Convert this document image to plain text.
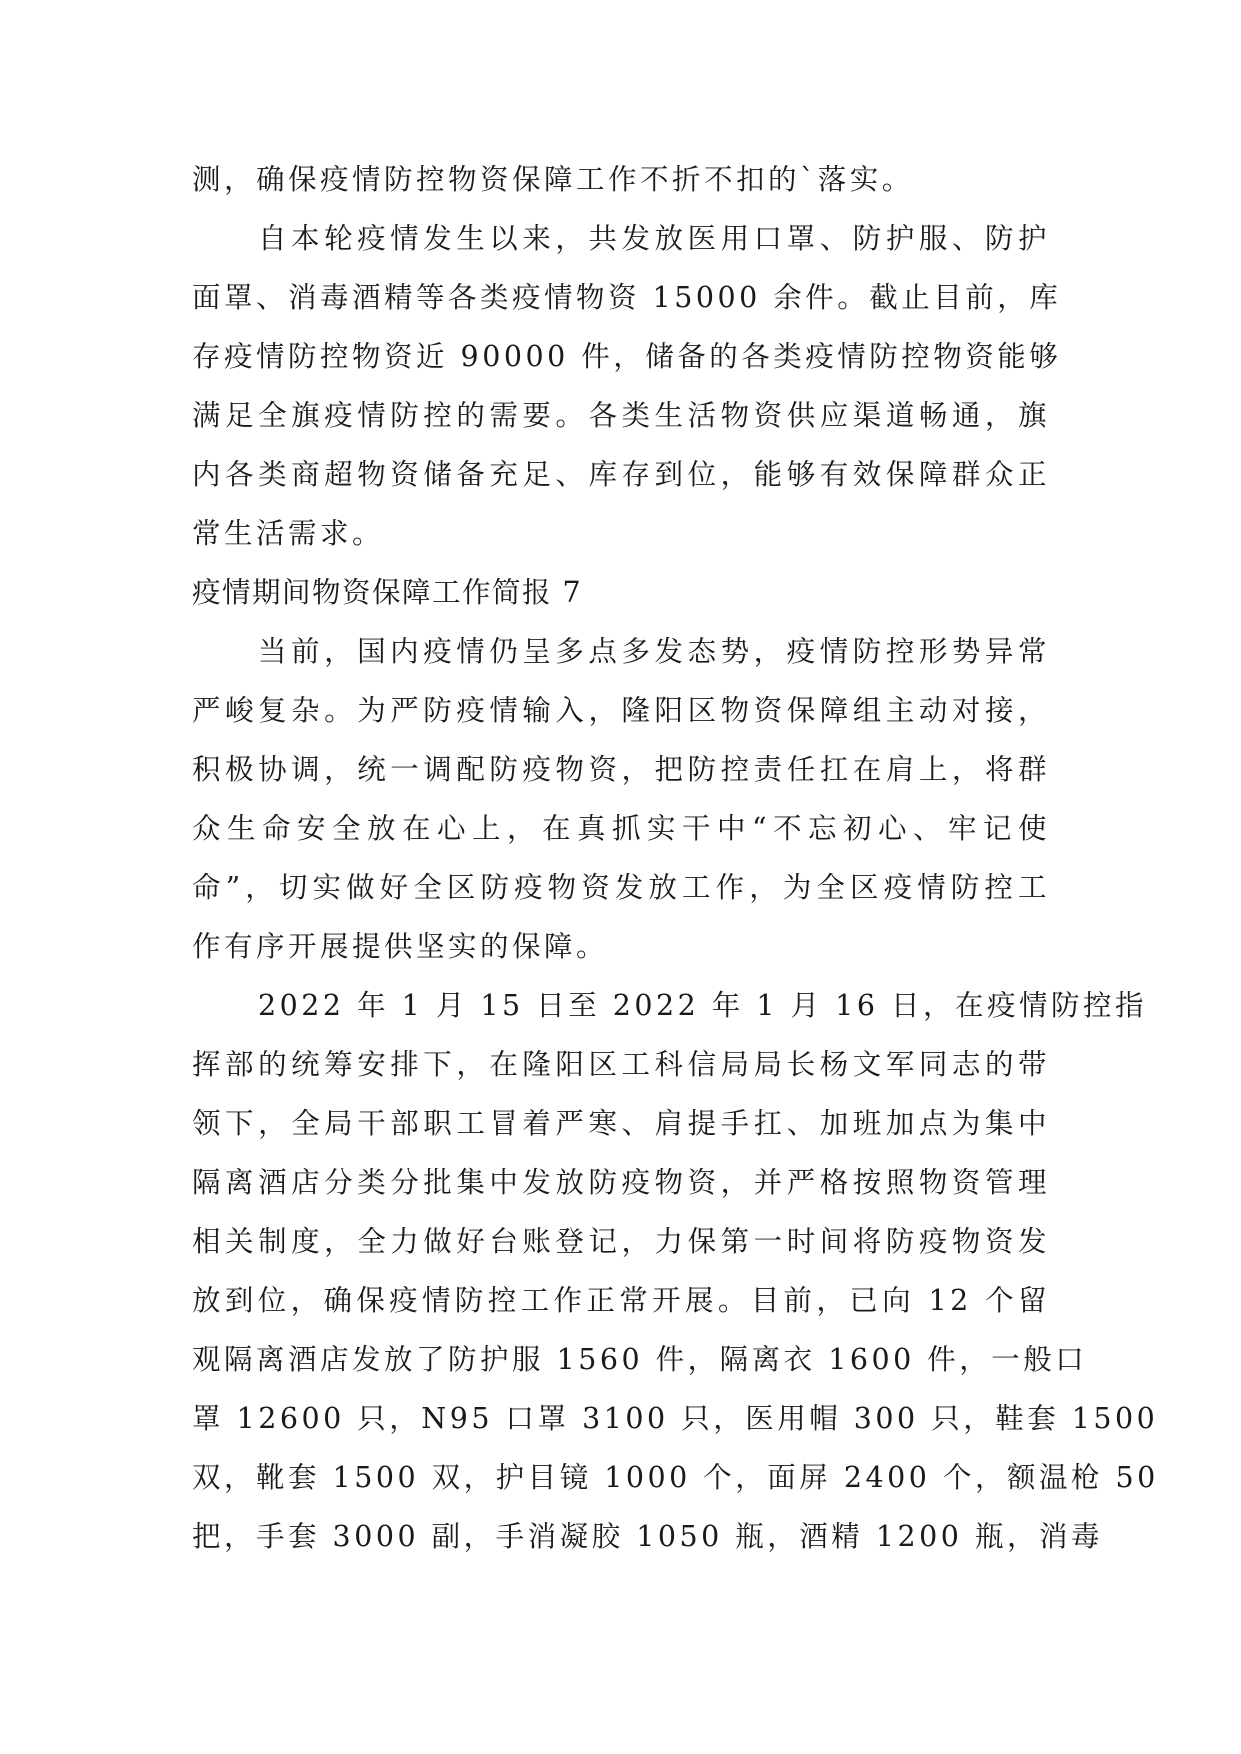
测，确保疫情防控物资保障工作不折不扣的`落实。
自本轮疫情发生以来，共发放医用口罩、防护服、防护
面罩、消毒酒精等各类疫情物资 15000 余件。截止目前，库
存疫情防控物资近 90000 件，储备的各类疫情防控物资能够
满足全旗疫情防控的需要。各类生活物资供应渠道畅通，旗
内各类商超物资储备充足、库存到位，能够有效保障群众正
常生活需求。
疫情期间物资保障工作简报 7
当前，国内疫情仍呈多点多发态势，疫情防控形势异常
严峻复杂。为严防疫情输入，隆阳区物资保障组主动对接，
积极协调，统一调配防疫物资，把防控责任扛在肩上，将群
众生命安全放在心上，在真抓实干中“不忘初心、牢记使
命”，切实做好全区防疫物资发放工作，为全区疫情防控工
作有序开展提供坚实的保障。
2022 年 1 月 15 日至 2022 年 1 月 16 日，在疫情防控指
挥部的统筹安排下，在隆阳区工科信局局长杨文军同志的带
领下，全局干部职工冒着严寒、肩提手扛、加班加点为集中
隔离酒店分类分批集中发放防疫物资，并严格按照物资管理
相关制度，全力做好台账登记，力保第一时间将防疫物资发
放到位，确保疫情防控工作正常开展。目前，已向 12 个留
观隔离酒店发放了防护服 1560 件，隔离衣 1600 件，一般口
罩 12600 只，N95 口罩 3100 只，医用帽 300 只，鞋套 1500
双，靴套 1500 双，护目镜 1000 个，面屏 2400 个，额温枪 50
把，手套 3000 副，手消凝胶 1050 瓶，酒精 1200 瓶，消毒
